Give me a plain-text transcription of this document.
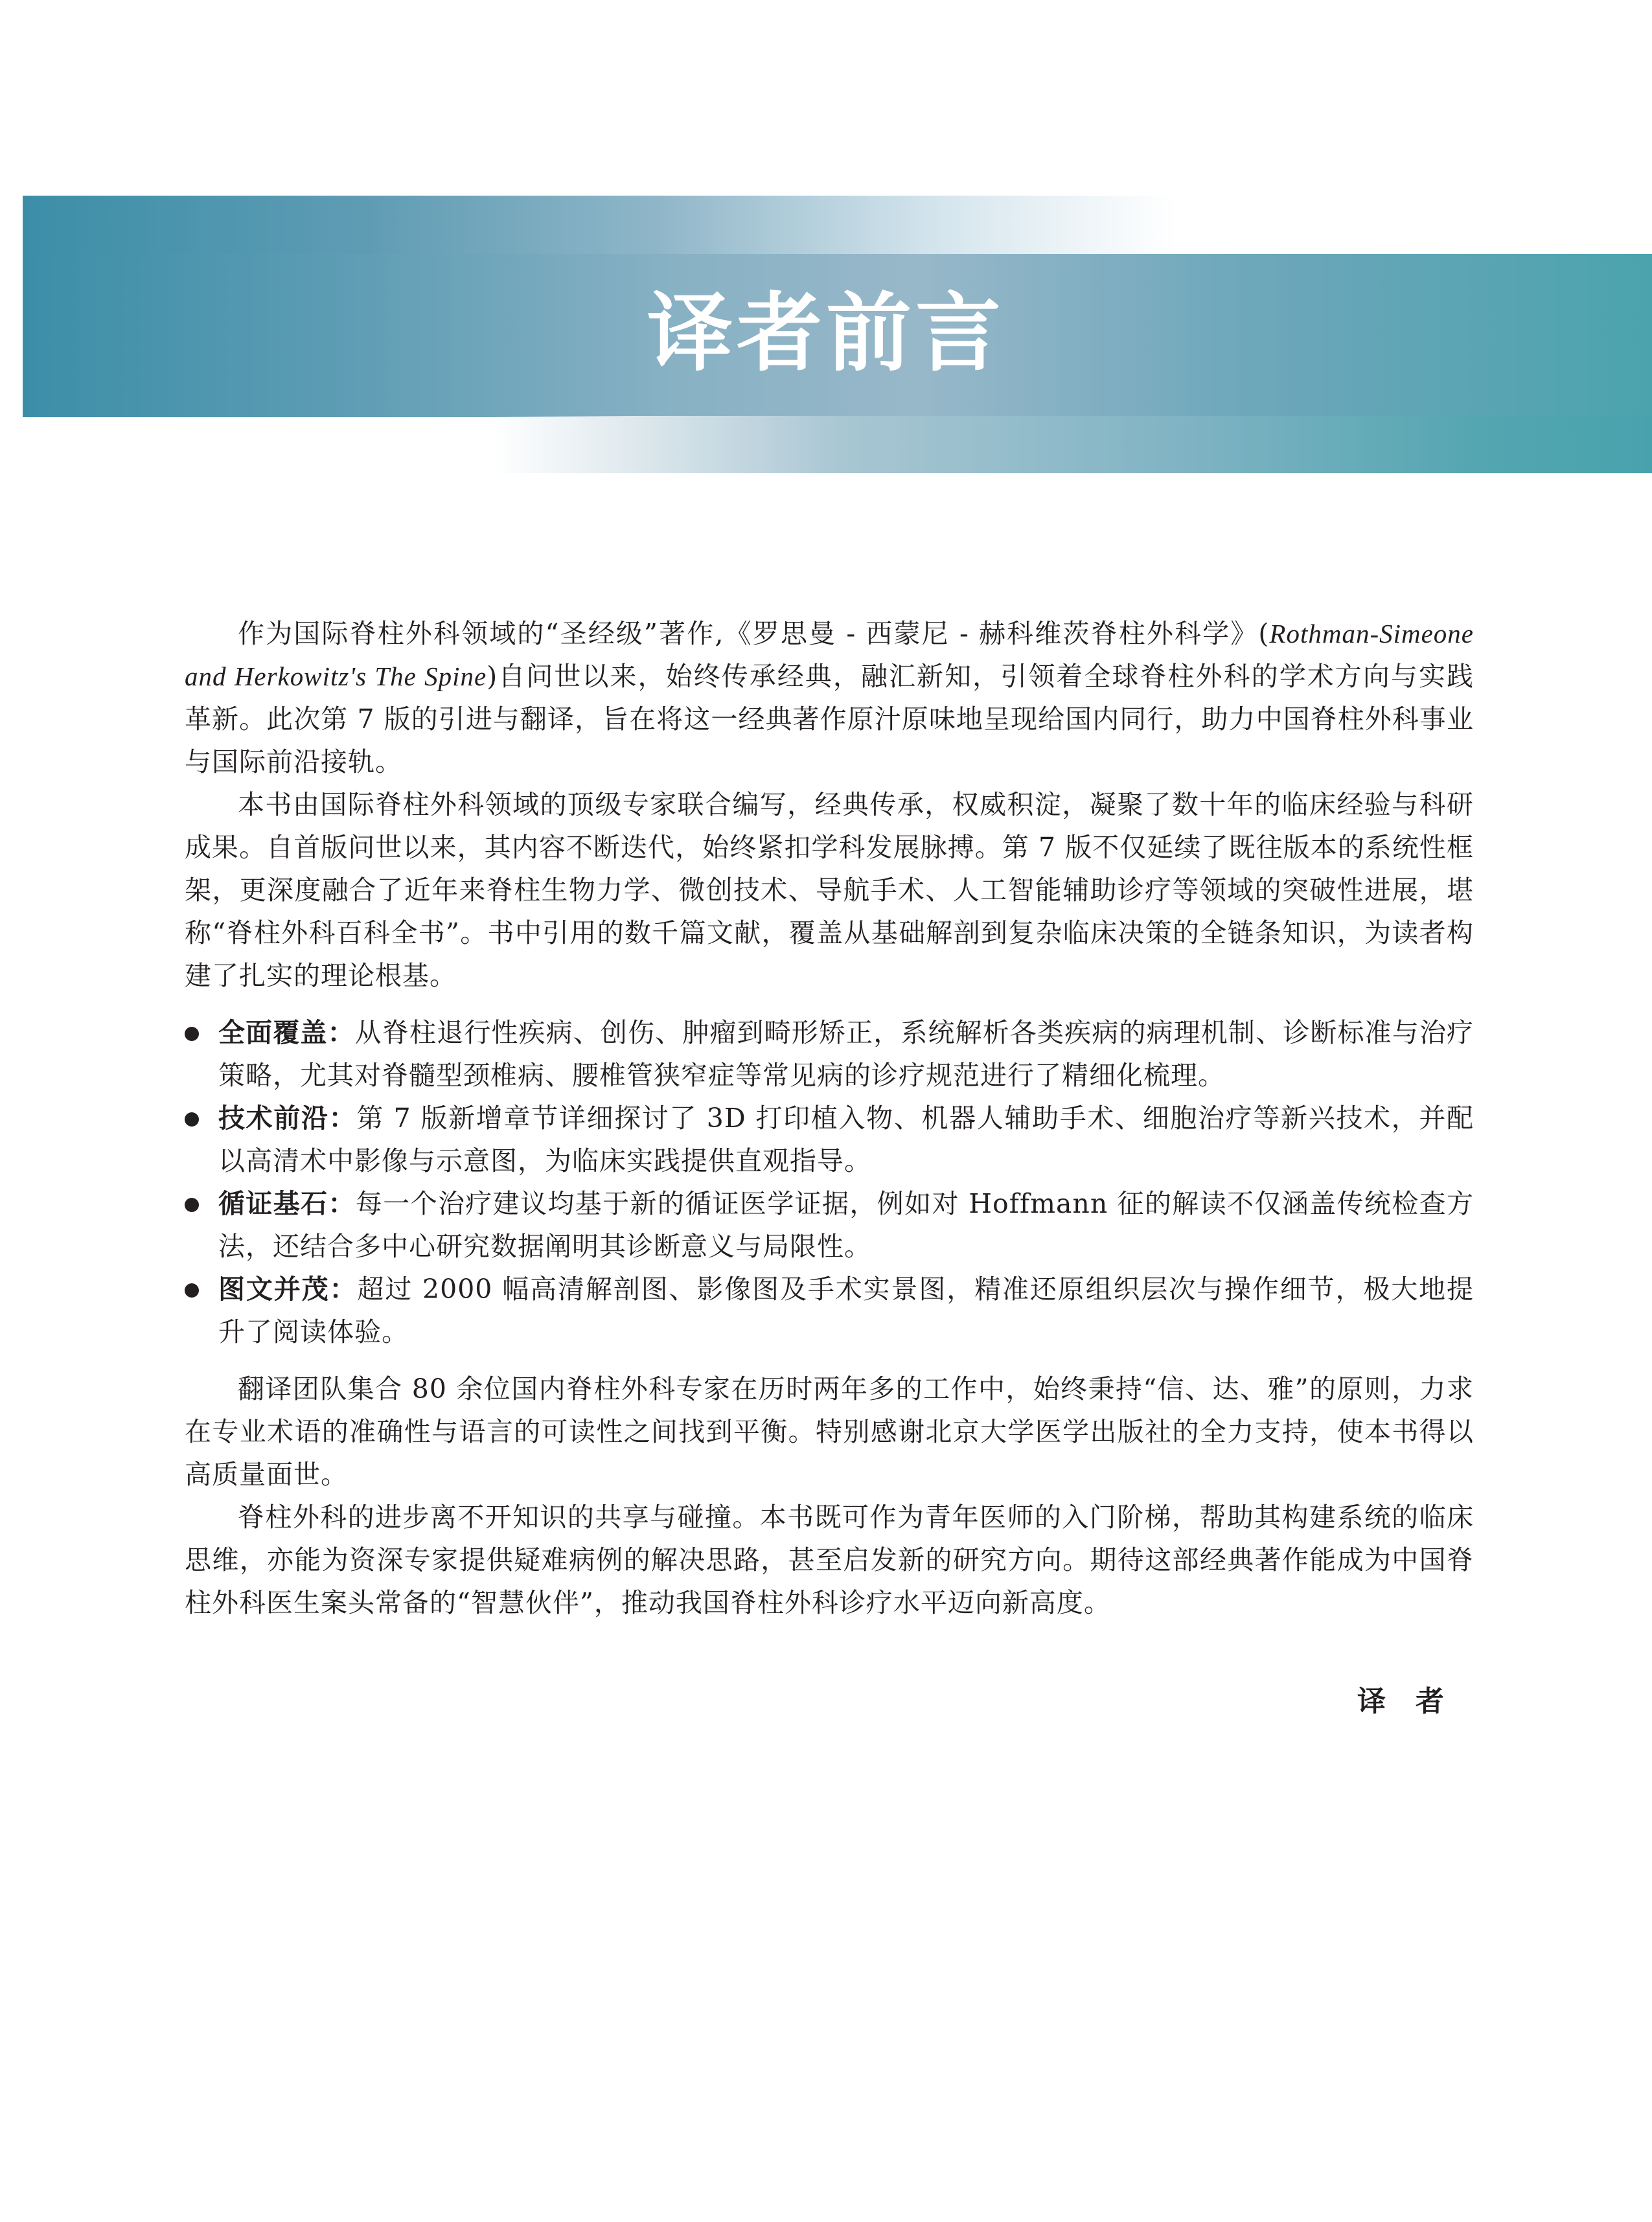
译者前言

作为国际脊柱外科领域的“圣经级”著作,《罗思曼 - 西蒙尼 - 赫科维茨脊柱外科学》(Rothman-Simeone and Herkowitz's The Spine)自问世以来，始终传承经典，融汇新知，引领着全球脊柱外科的学术方向与实践革新。此次第 7 版的引进与翻译，旨在将这一经典著作原汁原味地呈现给国内同行，助力中国脊柱外科事业与国际前沿接轨。

本书由国际脊柱外科领域的顶级专家联合编写，经典传承，权威积淀，凝聚了数十年的临床经验与科研成果。自首版问世以来，其内容不断迭代，始终紧扣学科发展脉搏。第 7 版不仅延续了既往版本的系统性框架，更深度融合了近年来脊柱生物力学、微创技术、导航手术、人工智能辅助诊疗等领域的突破性进展，堪称“脊柱外科百科全书”。书中引用的数千篇文献，覆盖从基础解剖到复杂临床决策的全链条知识，为读者构建了扎实的理论根基。

全面覆盖：从脊柱退行性疾病、创伤、肿瘤到畸形矫正，系统解析各类疾病的病理机制、诊断标准与治疗策略，尤其对脊髓型颈椎病、腰椎管狭窄症等常见病的诊疗规范进行了精细化梳理。
技术前沿：第 7 版新增章节详细探讨了 3D 打印植入物、机器人辅助手术、细胞治疗等新兴技术，并配以高清术中影像与示意图，为临床实践提供直观指导。
循证基石：每一个治疗建议均基于新的循证医学证据，例如对 Hoffmann 征的解读不仅涵盖传统检查方法，还结合多中心研究数据阐明其诊断意义与局限性。
图文并茂：超过 2000 幅高清解剖图、影像图及手术实景图，精准还原组织层次与操作细节，极大地提升了阅读体验。

翻译团队集合 80 余位国内脊柱外科专家在历时两年多的工作中，始终秉持“信、达、雅”的原则，力求在专业术语的准确性与语言的可读性之间找到平衡。特别感谢北京大学医学出版社的全力支持，使本书得以高质量面世。

脊柱外科的进步离不开知识的共享与碰撞。本书既可作为青年医师的入门阶梯，帮助其构建系统的临床思维，亦能为资深专家提供疑难病例的解决思路，甚至启发新的研究方向。期待这部经典著作能成为中国脊柱外科医生案头常备的“智慧伙伴”，推动我国脊柱外科诊疗水平迈向新高度。

译者
